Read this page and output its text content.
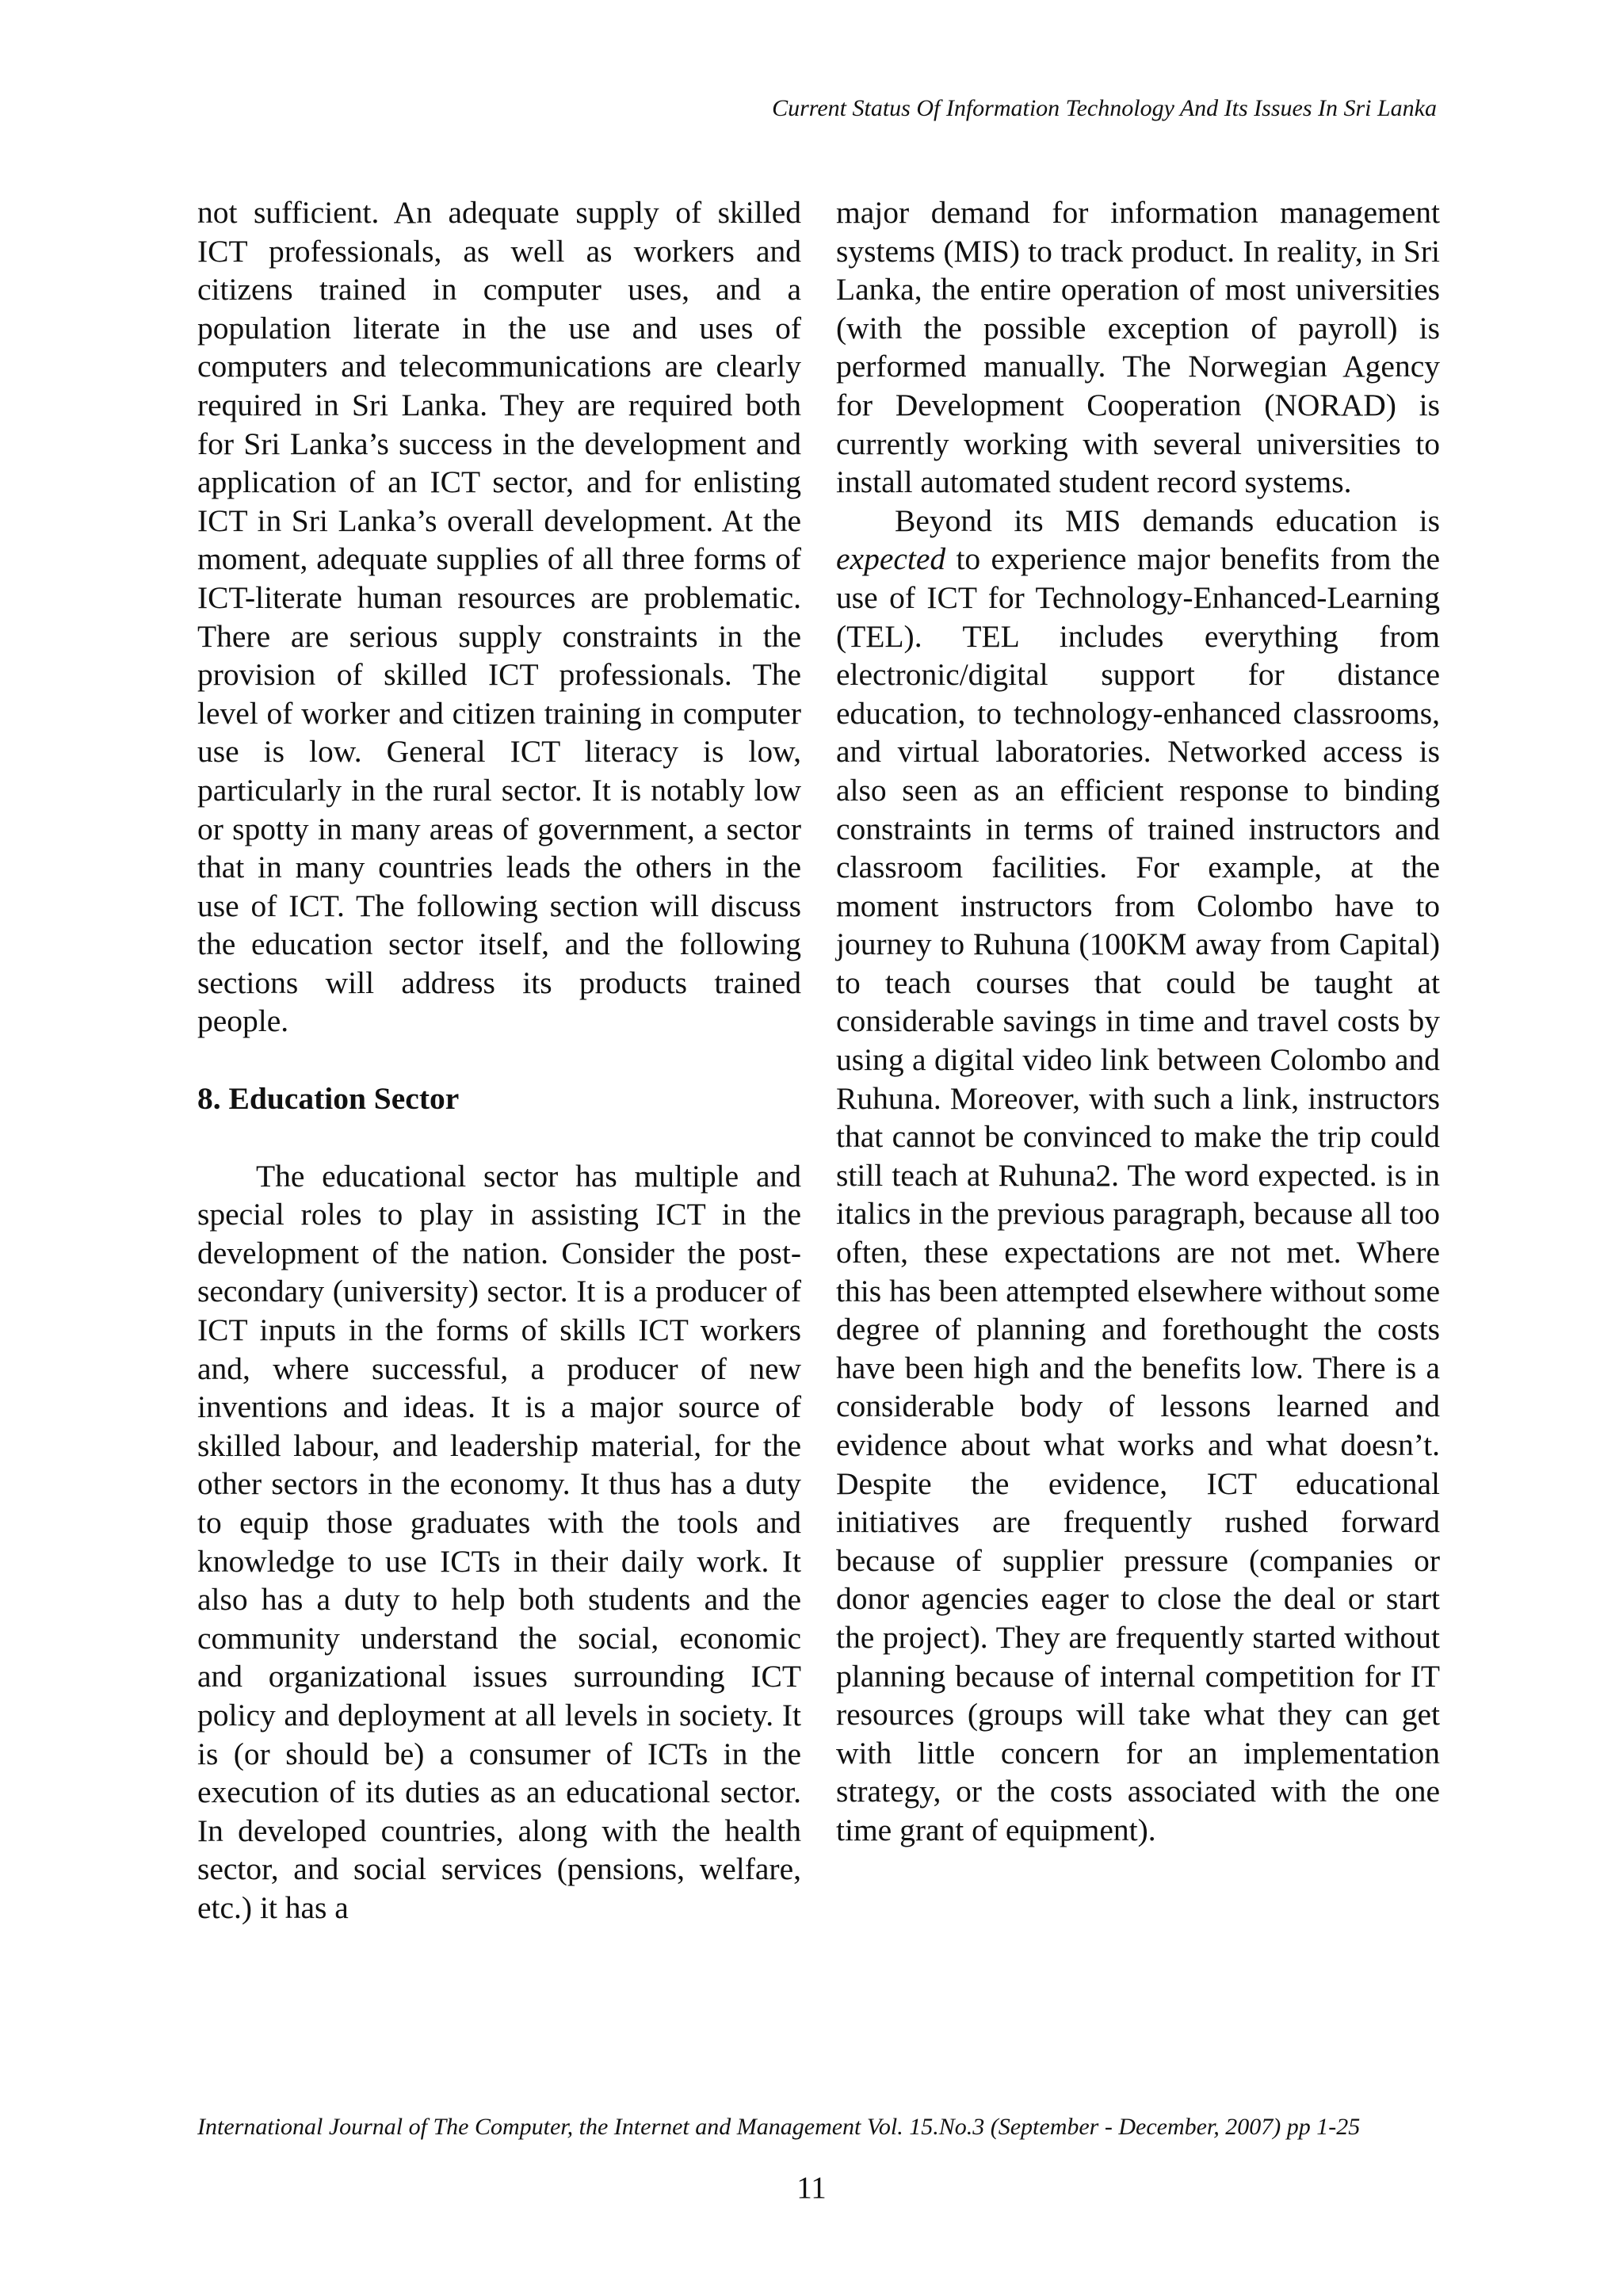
Current Status Of Information Technology And Its Issues In Sri Lanka

not sufficient. An adequate supply of skilled ICT professionals, as well as workers and citizens trained in computer uses, and a population literate in the use and uses of computers and telecommunications are clearly required in Sri Lanka. They are required both for Sri Lanka’s success in the development and application of an ICT sector, and for enlisting ICT in Sri Lanka’s overall development. At the moment, adequate supplies of all three forms of ICT-literate human resources are problematic. There are serious supply constraints in the provision of skilled ICT professionals. The level of worker and citizen training in computer use is low. General ICT literacy is low, particularly in the rural sector. It is notably low or spotty in many areas of government, a sector that in many countries leads the others in the use of ICT. The following section will discuss the education sector itself, and the following sections will address its products trained people.

8. Education Sector

The educational sector has multiple and special roles to play in assisting ICT in the development of the nation. Consider the post-secondary (university) sector. It is a producer of ICT inputs in the forms of skills ICT workers and, where successful, a producer of new inventions and ideas. It is a major source of skilled labour, and leadership material, for the other sectors in the economy. It thus has a duty to equip those graduates with the tools and knowledge to use ICTs in their daily work. It also has a duty to help both students and the community understand the social, economic and organizational issues surrounding ICT policy and deployment at all levels in society. It is (or should be) a consumer of ICTs in the execution of its duties as an educational sector. In developed countries, along with the health sector, and social services (pensions, welfare, etc.) it has a

major demand for information management systems (MIS) to track product. In reality, in Sri Lanka, the entire operation of most universities (with the possible exception of payroll) is performed manually. The Norwegian Agency for Development Cooperation (NORAD) is currently working with several universities to install automated student record systems.

Beyond its MIS demands education is expected to experience major benefits from the use of ICT for Technology-Enhanced-Learning (TEL). TEL includes everything from electronic/digital support for distance education, to technology-enhanced classrooms, and virtual laboratories. Networked access is also seen as an efficient response to binding constraints in terms of trained instructors and classroom facilities. For example, at the moment instructors from Colombo have to journey to Ruhuna (100KM away from Capital) to teach courses that could be taught at considerable savings in time and travel costs by using a digital video link between Colombo and Ruhuna. Moreover, with such a link, instructors that cannot be convinced to make the trip could still teach at Ruhuna2. The word expected. is in italics in the previous paragraph, because all too often, these expectations are not met. Where this has been attempted elsewhere without some degree of planning and forethought the costs have been high and the benefits low. There is a considerable body of lessons learned and evidence about what works and what doesn’t. Despite the evidence, ICT educational initiatives are frequently rushed forward because of supplier pressure (companies or donor agencies eager to close the deal or start the project). They are frequently started without planning because of internal competition for IT resources (groups will take what they can get with little concern for an implementation strategy, or the costs associated with the one time grant of equipment).

International Journal of The Computer, the Internet and Management Vol. 15.No.3 (September - December, 2007) pp 1-25
11
